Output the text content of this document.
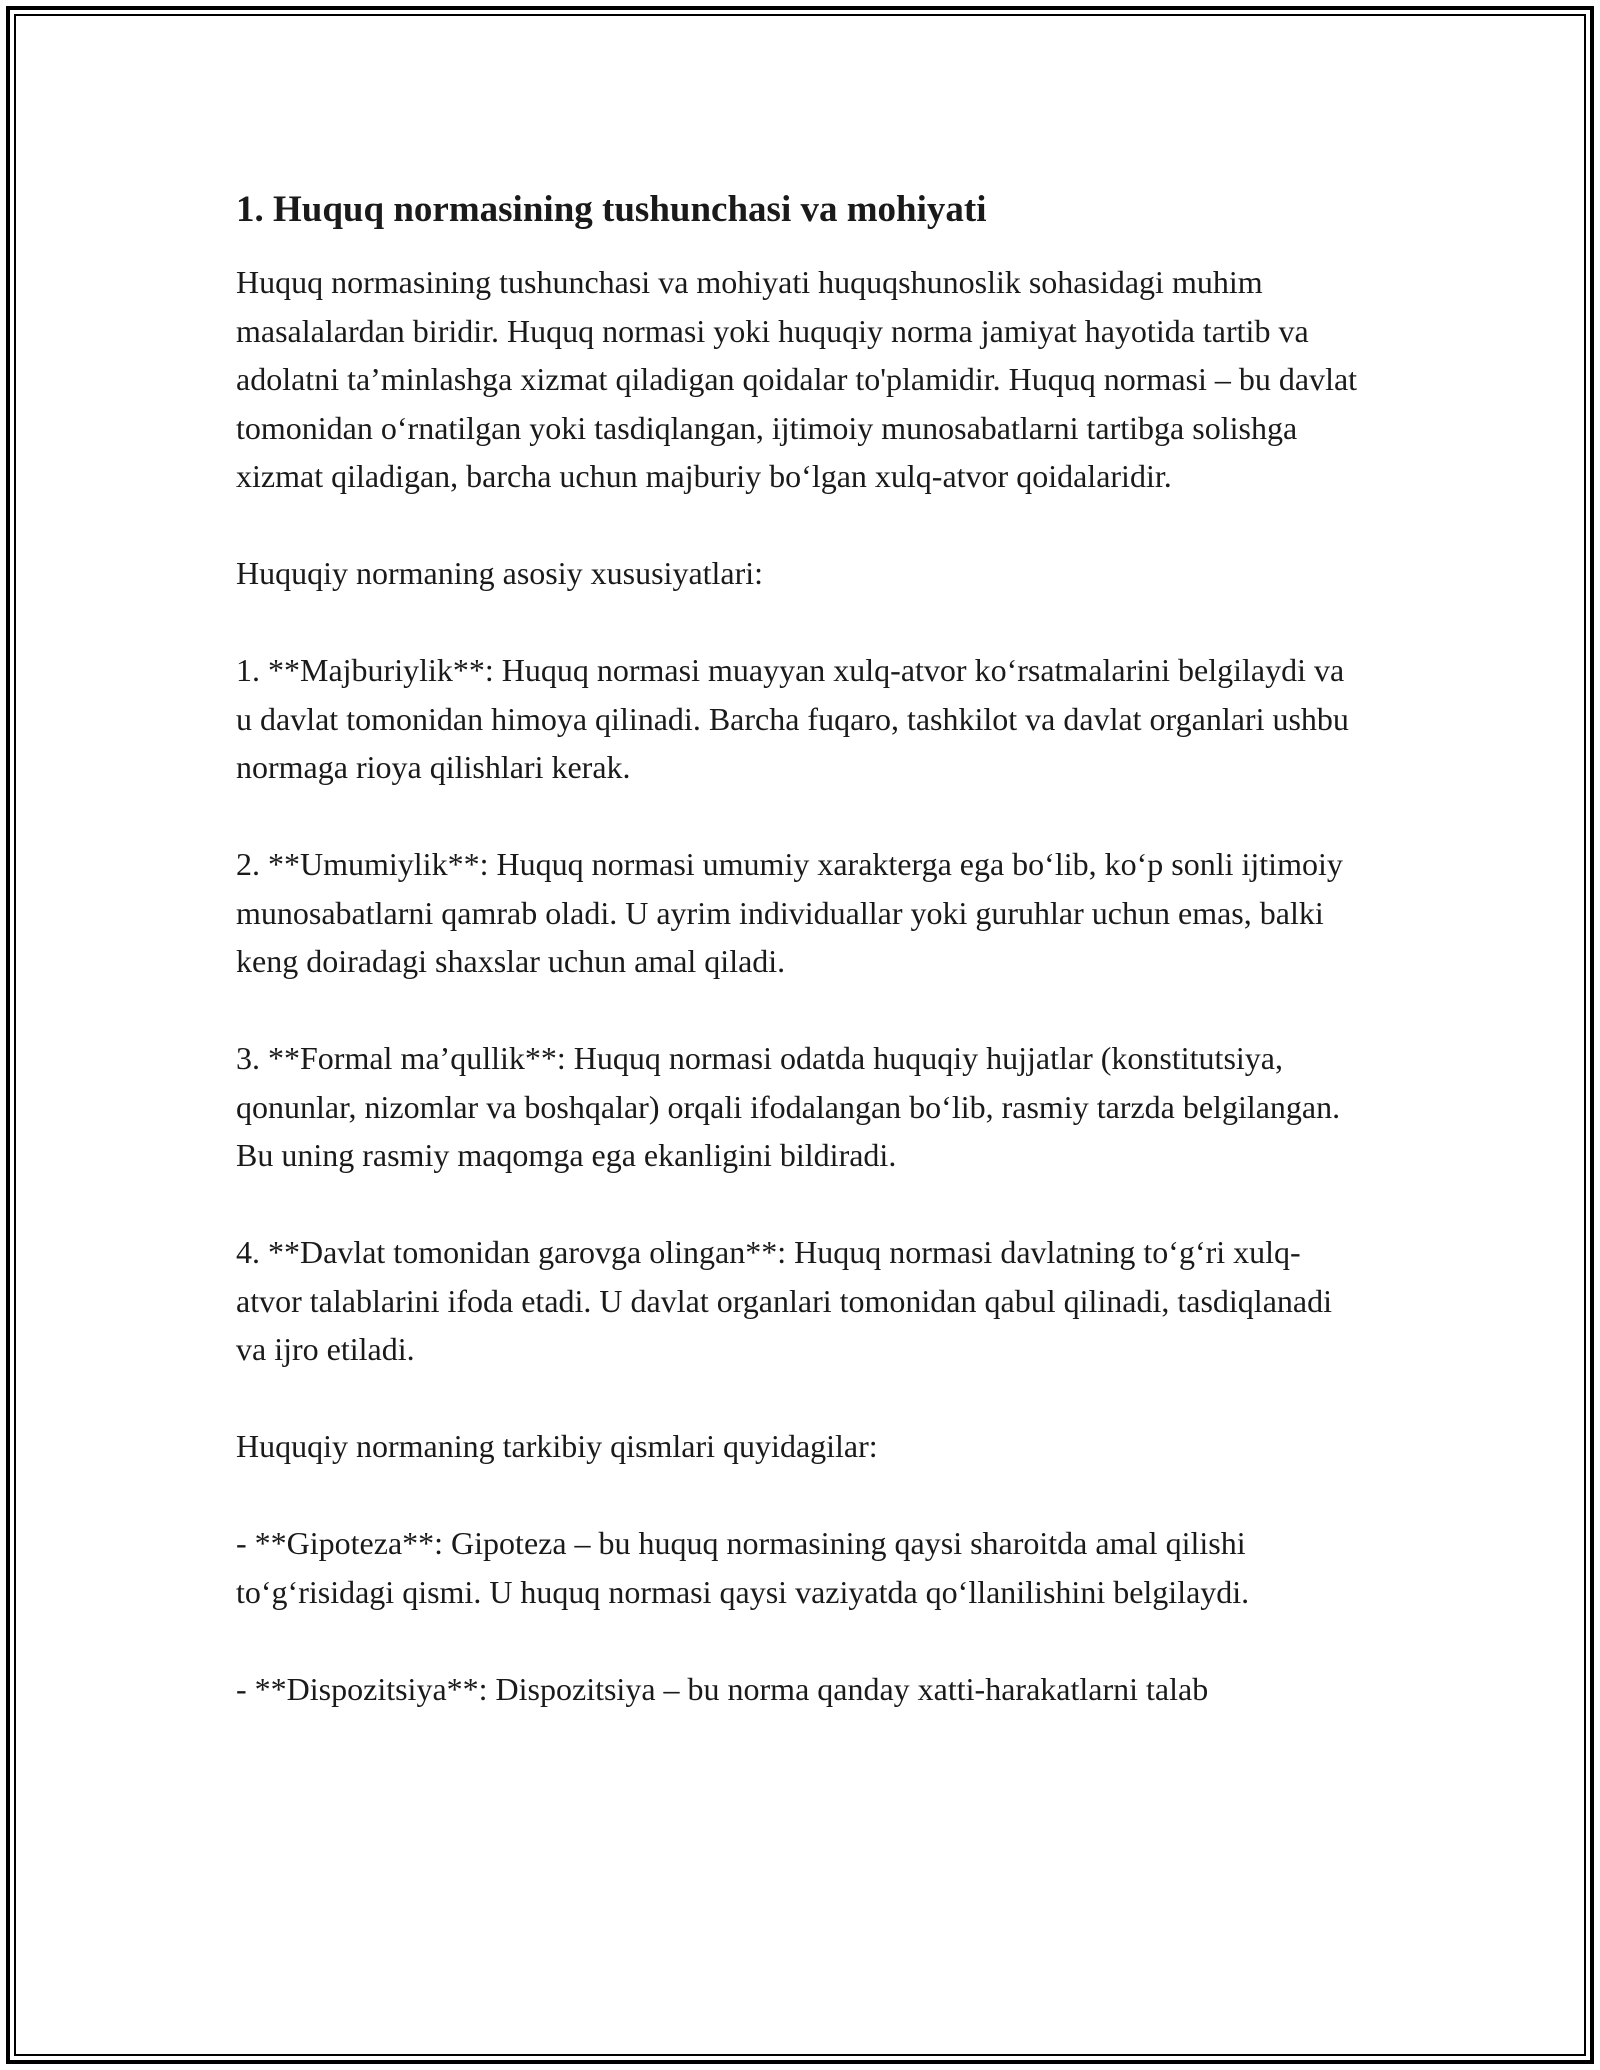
1. Huquq normasining tushunchasi va mohiyati

Huquq normasining tushunchasi va mohiyati huquqshunoslik sohasidagi muhim masalalardan biridir. Huquq normasi yoki huquqiy norma jamiyat hayotida tartib va adolatni ta’minlashga xizmat qiladigan qoidalar to'plamidir. Huquq normasi – bu davlat tomonidan o‘rnatilgan yoki tasdiqlangan, ijtimoiy munosabatlarni tartibga solishga xizmat qiladigan, barcha uchun majburiy bo‘lgan xulq-atvor qoidalaridir.

Huquqiy normaning asosiy xususiyatlari:

1. **Majburiylik**: Huquq normasi muayyan xulq-atvor ko‘rsatmalarini belgilaydi va u davlat tomonidan himoya qilinadi. Barcha fuqaro, tashkilot va davlat organlari ushbu normaga rioya qilishlari kerak.

2. **Umumiylik**: Huquq normasi umumiy xarakterga ega bo‘lib, ko‘p sonli ijtimoiy munosabatlarni qamrab oladi. U ayrim individuallar yoki guruhlar uchun emas, balki keng doiradagi shaxslar uchun amal qiladi.

3. **Formal ma’qullik**: Huquq normasi odatda huquqiy hujjatlar (konstitutsiya, qonunlar, nizomlar va boshqalar) orqali ifodalangan bo‘lib, rasmiy tarzda belgilangan. Bu uning rasmiy maqomga ega ekanligini bildiradi.

4. **Davlat tomonidan garovga olingan**: Huquq normasi davlatning to‘g‘ri xulq-atvor talablarini ifoda etadi. U davlat organlari tomonidan qabul qilinadi, tasdiqlanadi va ijro etiladi.

Huquqiy normaning tarkibiy qismlari quyidagilar:

- **Gipoteza**: Gipoteza – bu huquq normasining qaysi sharoitda amal qilishi to‘g‘risidagi qismi. U huquq normasi qaysi vaziyatda qo‘llanilishini belgilaydi.

- **Dispozitsiya**: Dispozitsiya – bu norma qanday xatti-harakatlarni talab
